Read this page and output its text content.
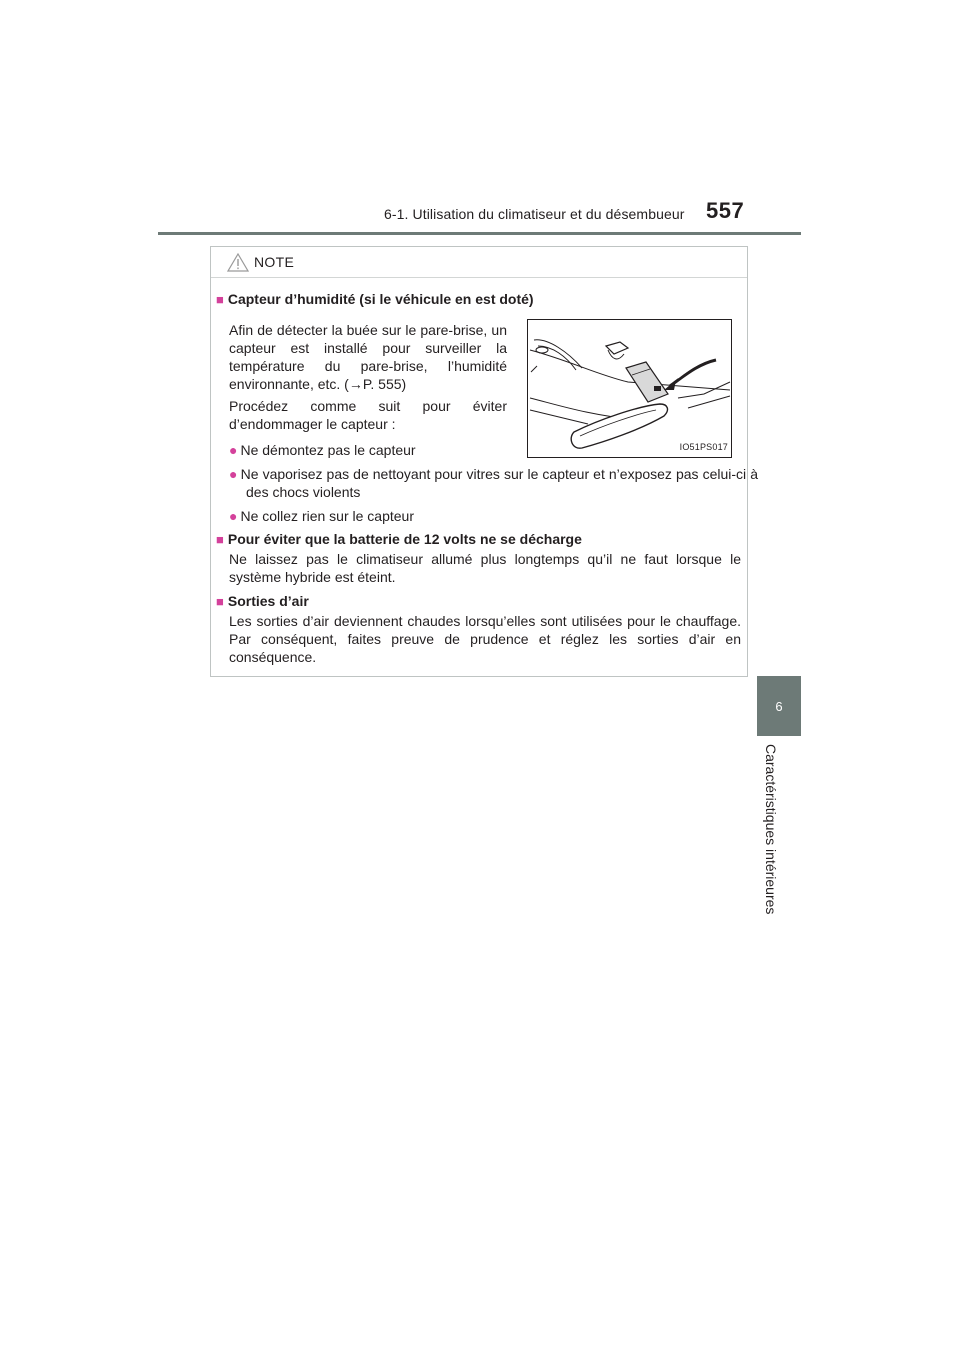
6-1. Utilisation du climatiseur et du désembueur 557
6
Caractéristiques intérieures
NOTE
■ Capteur d’humidité (si le véhicule en est doté)
Afin de détecter la buée sur le pare-brise, un capteur est installé pour surveiller la température du pare-brise, l’humidité environnante, etc. (→P. 555)
Procédez comme suit pour éviter d’endommager le capteur :
● Ne démontez pas le capteur
● Ne vaporisez pas de nettoyant pour vitres sur le capteur et n’exposez pas celui-ci à des chocs violents
● Ne collez rien sur le capteur
■ Pour éviter que la batterie de 12 volts ne se décharge
Ne laissez pas le climatiseur allumé plus longtemps qu’il ne faut lorsque le système hybride est éteint.
■ Sorties d’air
Les sorties d’air deviennent chaudes lorsqu’elles sont utilisées pour le chauffage. Par conséquent, faites preuve de prudence et réglez les sorties d’air en conséquence.
IO51PS017
